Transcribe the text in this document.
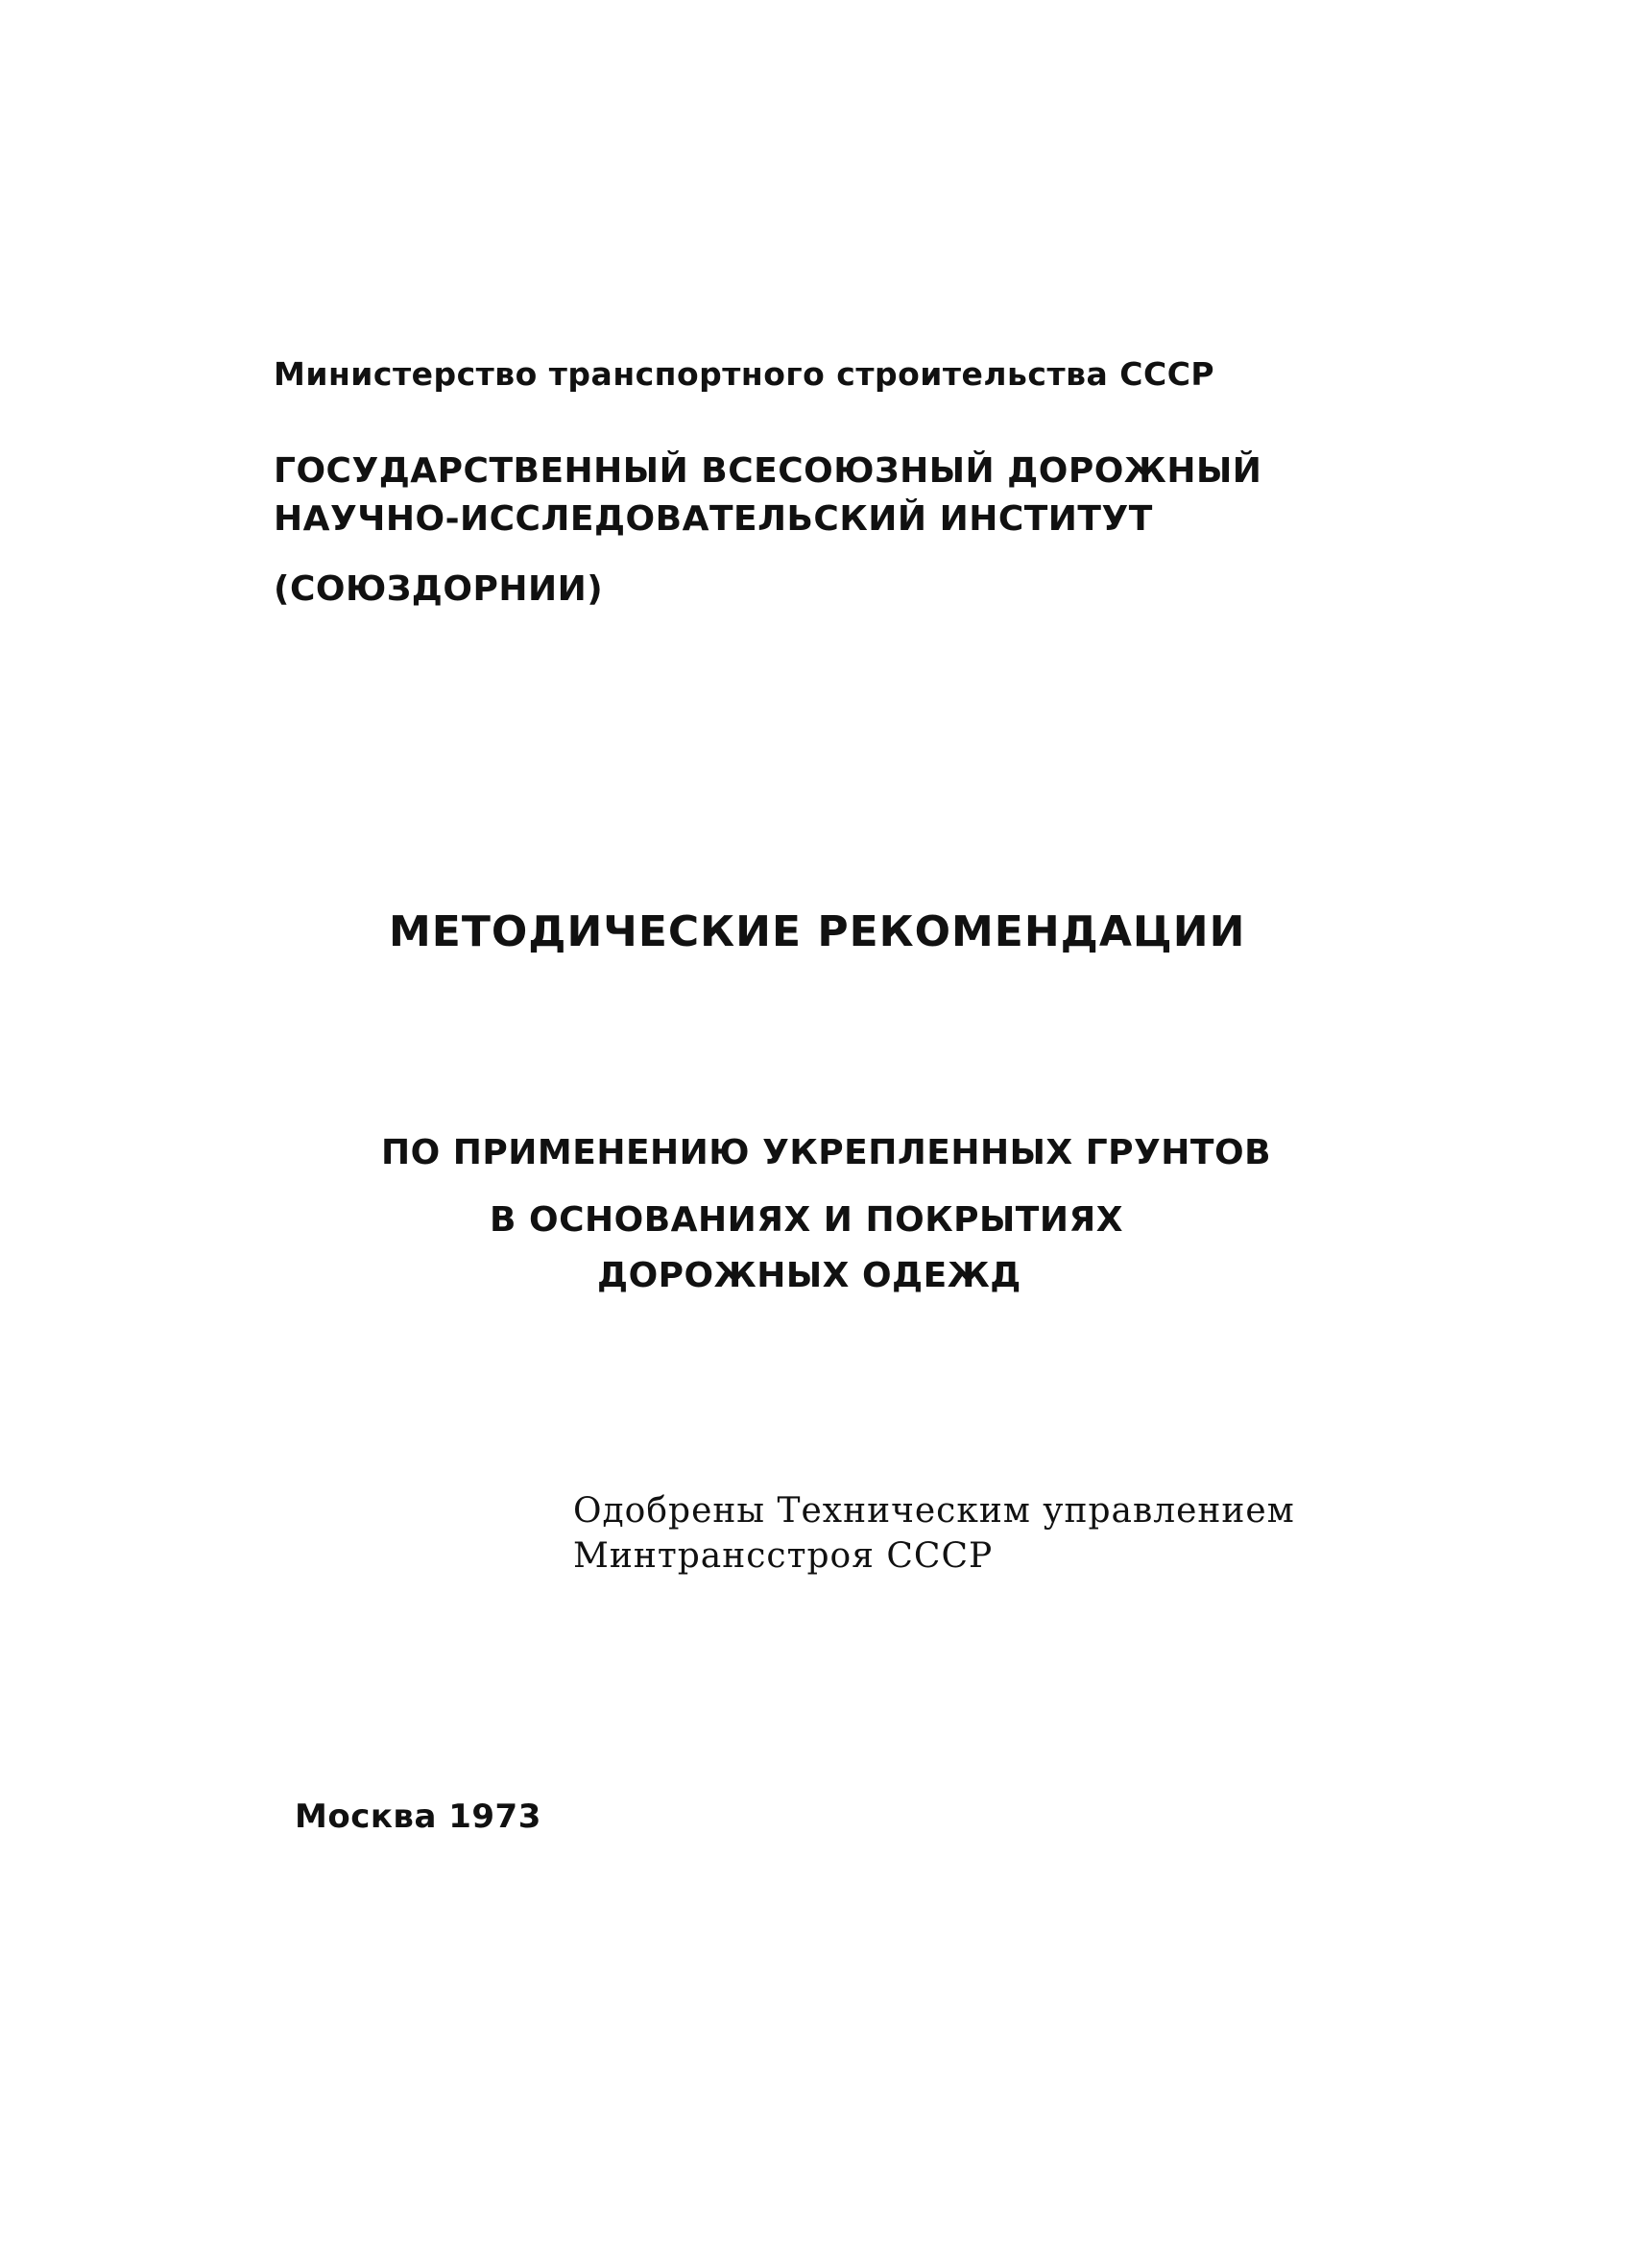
Министерство транспортного строительства СССР

ГОСУДАРСТВЕННЫЙ ВСЕСОЮЗНЫЙ ДОРОЖНЫЙ

НАУЧНО-ИССЛЕДОВАТЕЛЬСКИЙ ИНСТИТУТ

(СОЮЗДОРНИИ)

МЕТОДИЧЕСКИЕ РЕКОМЕНДАЦИИ

ПО ПРИМЕНЕНИЮ УКРЕПЛЕННЫХ ГРУНТОВ

В ОСНОВАНИЯХ И ПОКРЫТИЯХ

ДОРОЖНЫХ ОДЕЖД

Одобрены Техническим управлением

Минтрансстроя СССР

Москва 1973
